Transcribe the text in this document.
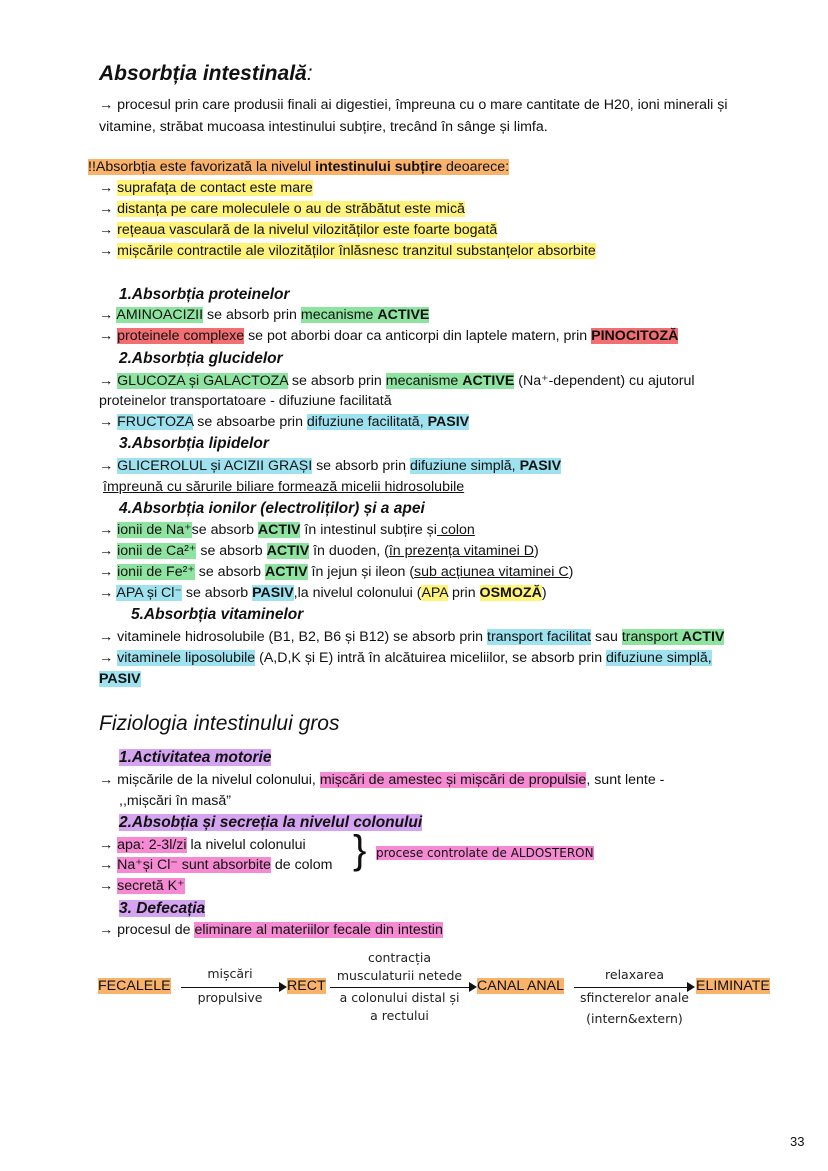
Absorbția intestinală:
→ procesul prin care produsii finali ai digestiei, împreuna cu o mare cantitate de H20, ioni minerali și
vitamine, străbat mucoasa intestinului subțire, trecând în sânge și limfa.
!!Absorbția este favorizată la nivelul intestinului subțire deoarece:
→ suprafața de contact este mare
→ distanța pe care moleculele o au de străbătut este mică
→ rețeaua vasculară de la nivelul vilozităților este foarte bogată
→ mișcările contractile ale vilozităților înlăsnesc tranzitul substanțelor absorbite
1.Absorbția proteinelor
→ AMINOACIZII se absorb prin mecanisme ACTIVE
→ proteinele complexe se pot aborbi doar ca anticorpi din laptele matern, prin PINOCITOZĂ
2.Absorbția glucidelor
→ GLUCOZA și GALACTOZA se absorb prin mecanisme ACTIVE (Na⁺-dependent) cu ajutorul
proteinelor transportatoare - difuziune facilitată
→ FRUCTOZA se absoarbe prin difuziune facilitată, PASIV
3.Absorbția lipidelor
→ GLICEROLUL și ACIZII GRAȘI se absorb prin difuziune simplă, PASIV
împreună cu sărurile biliare formează micelii hidrosolubile
4.Absorbția ionilor (electroliților) și a apei
→ ionii de Na⁺se absorb ACTIV în intestinul subțire și colon
→ ionii de Ca²⁺ se absorb ACTIV în duoden, (în prezența vitaminei D)
→ ionii de Fe²⁺ se absorb ACTIV în jejun și ileon (sub acțiunea vitaminei C)
→ APA și Cl⁻ se absorb PASIV,la nivelul colonului (APA prin OSMOZĂ)
5.Absorbția vitaminelor
→ vitaminele hidrosolubile (B1, B2, B6 și B12) se absorb prin transport facilitat sau transport ACTIV
→ vitaminele liposolubile (A,D,K și E) intră în alcătuirea miceliilor, se absorb prin difuziune simplă,
PASIV
Fiziologia intestinului gros
1.Activitatea motorie
→ mișcările de la nivelul colonului, mișcări de amestec și mișcări de propulsie, sunt lente -
,,mișcări în masă”
2.Absobția și secreția la nivelul colonului
→ apa: 2-3l/zi la nivelul colonului
→ Na⁺și Cl⁻ sunt absorbite de colom
→ secretă K⁺
} procese controlate de ALDOSTERON
3. Defecația
→ procesul de eliminare al materiilor fecale din intestin
FECALELE
mișcări
propulsive
RECT
contracția
musculaturii netede
a colonului distal și
a rectului
CANAL ANAL
relaxarea
sfincterelor anale
(intern&extern)
ELIMINATE
33
